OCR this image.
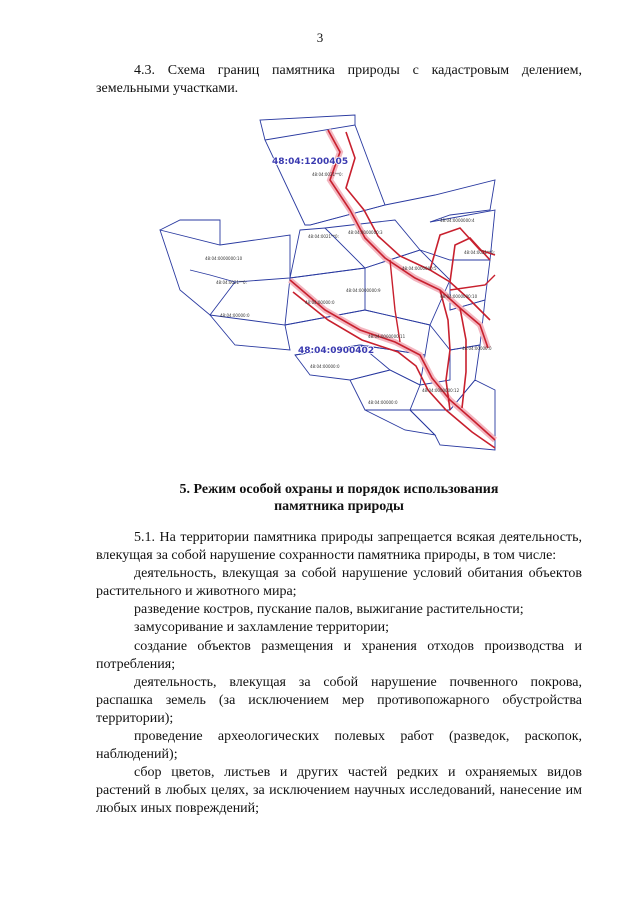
3
4.3. Схема границ памятника природы с кадастровым делением, земельными участками.
48:04:1200405
48:04:0900402
48:04:0021**0:
48:04:0000000:4
48:04:0021**0:
48:04:0000000:3
48:04:0021**0:
48:04:0000000:5
48:04:0000000:10
48:04:0021**0:
48:04:0000000:9
48:04:00000:0
48:04:0000000:10
48:04:00000:0
48:04:0000000:11
48:04:00000:0
48:04:00000:0
48:04:00000:0
48:04:0000000:12
5. Режим особой охраны и порядок использования
памятника природы

5.1. На территории памятника природы запрещается всякая деятельность, влекущая за собой нарушение сохранности памятника природы, в том числе:

деятельность, влекущая за собой нарушение условий обитания объектов растительного и животного мира;

разведение костров, пускание палов, выжигание растительности;

замусоривание и захламление территории;

создание объектов размещения и хранения отходов производства и потребления;

деятельность, влекущая за собой нарушение почвенного покрова, распашка земель (за исключением мер противопожарного обустройства территории);

проведение археологических полевых работ (разведок, раскопок, наблюдений);

сбор цветов, листьев и других частей редких и охраняемых видов растений в любых целях, за исключением научных исследований, нанесение им любых иных повреждений;
